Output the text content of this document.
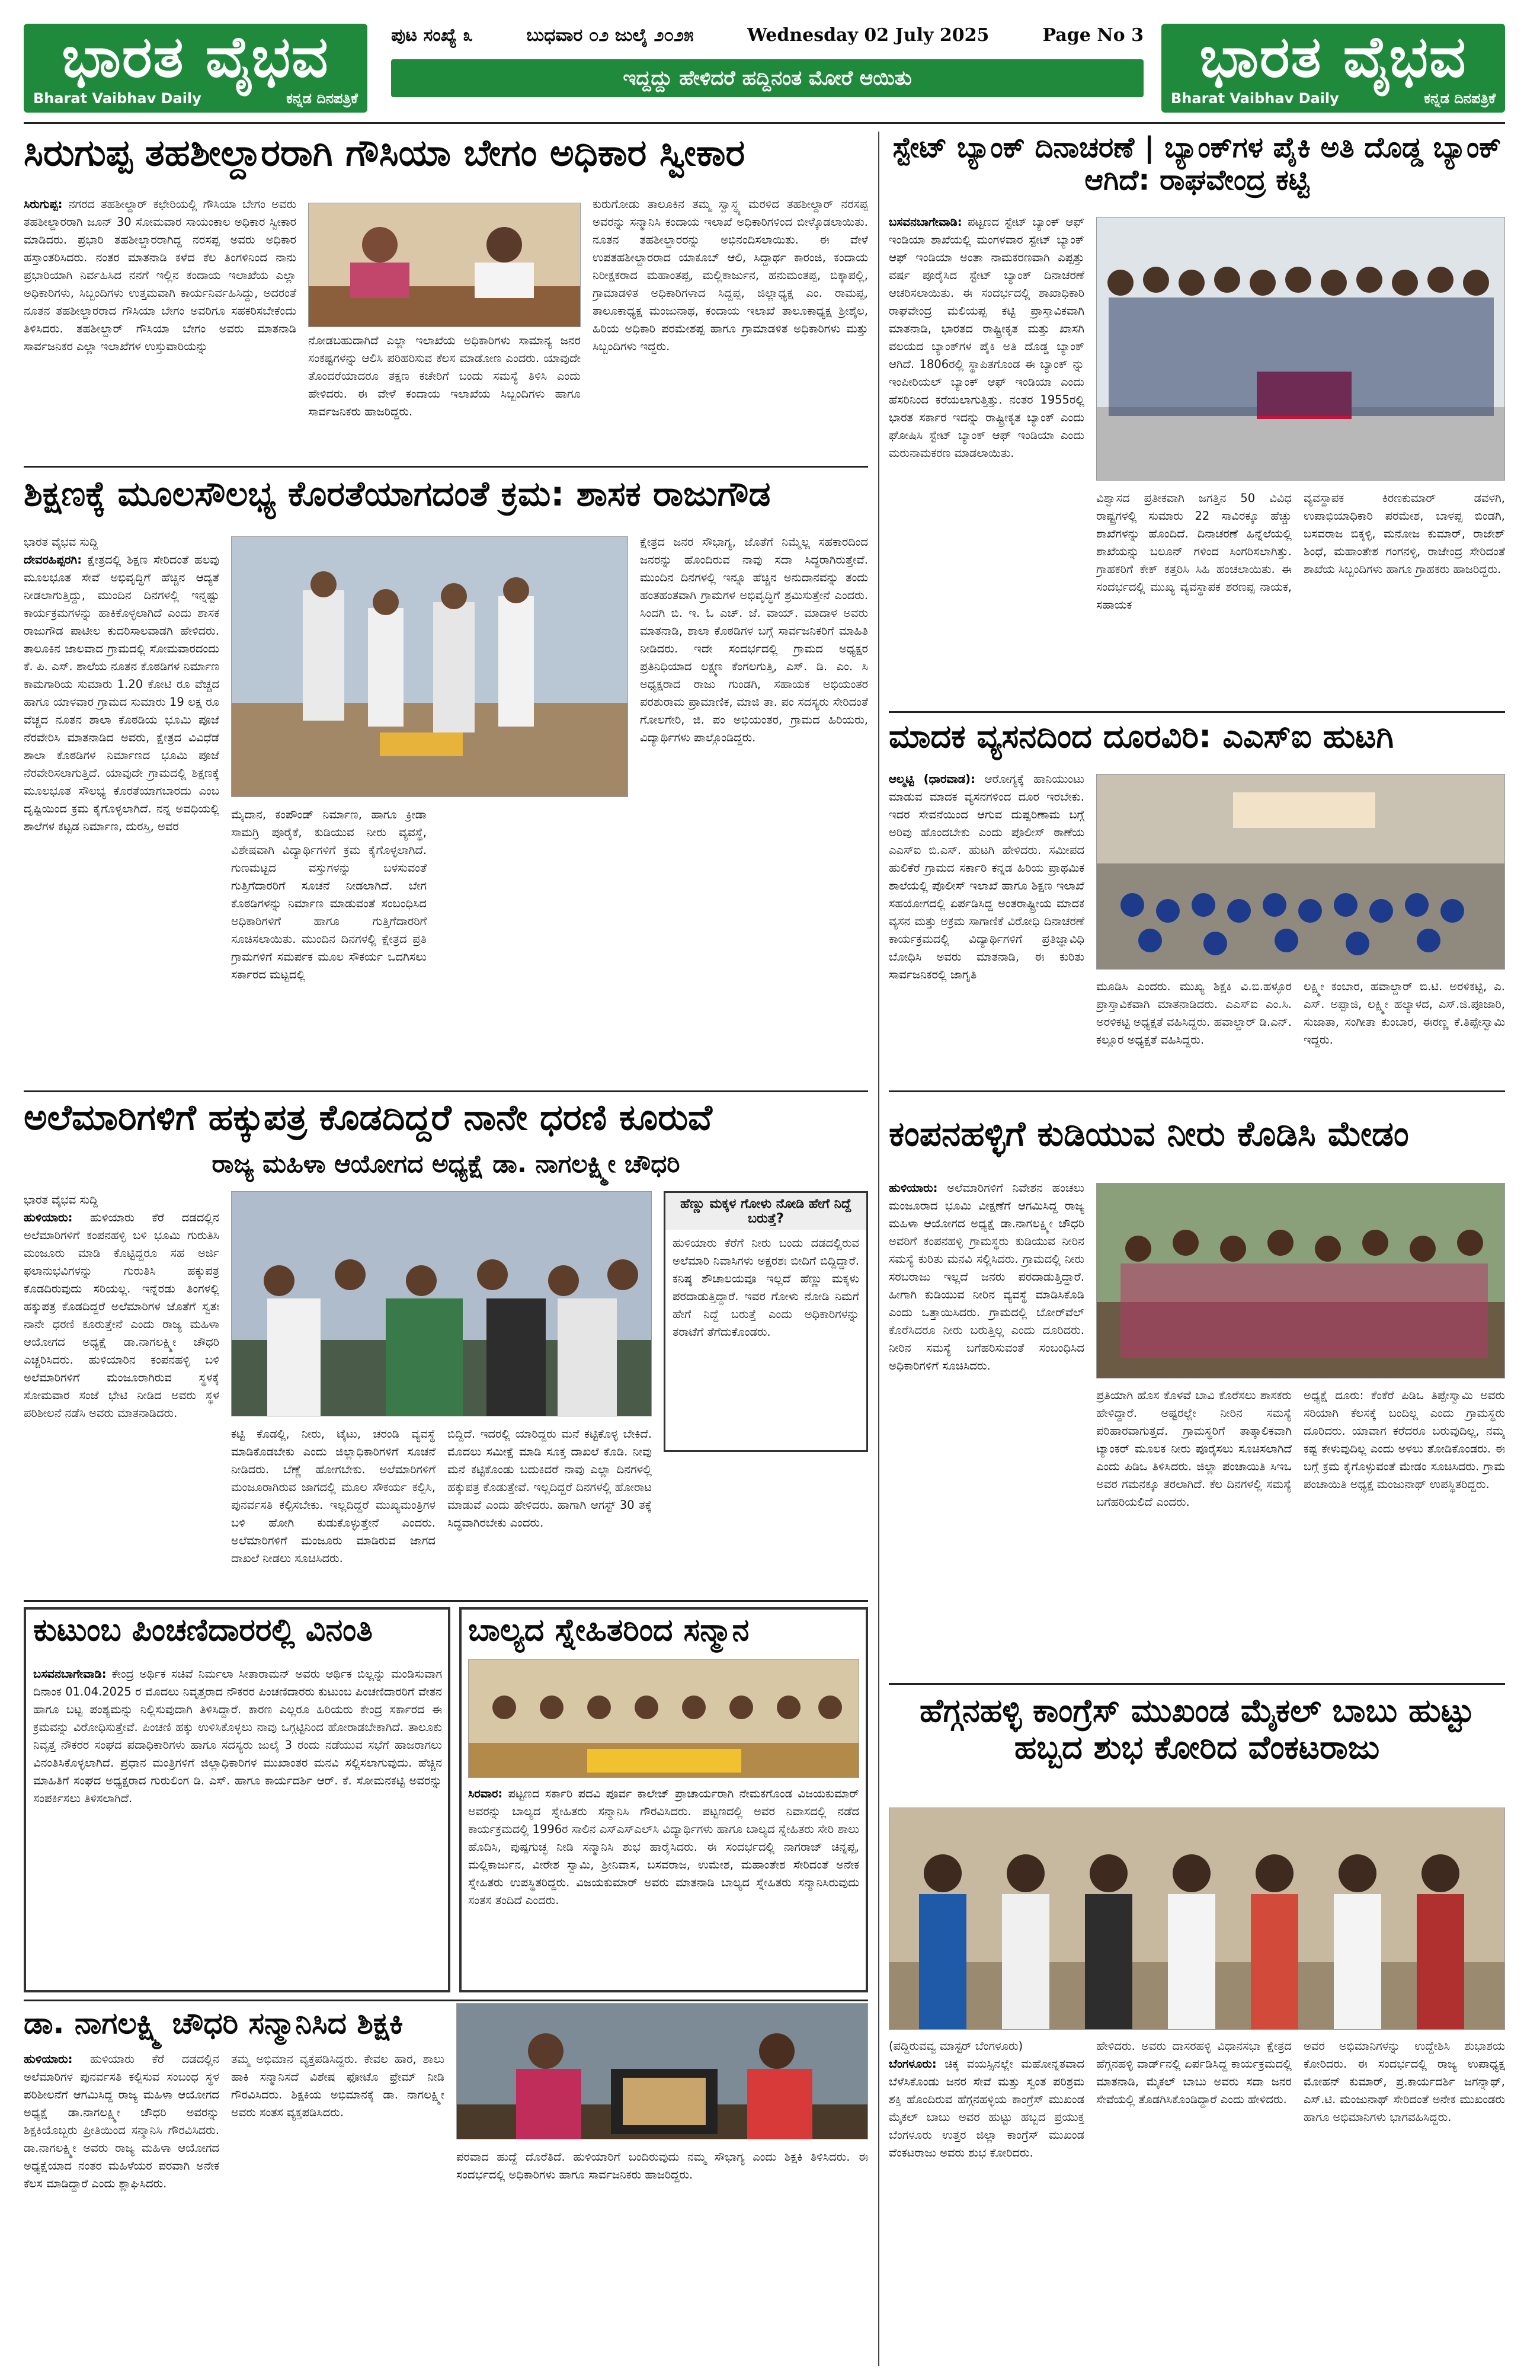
ಭಾರತ ವೈಭವ
Bharat Vaibhav Daily	ಕನ್ನಡ ದಿನಪತ್ರಿಕೆ
ಭಾರತ ವೈಭವ
Bharat Vaibhav Daily	ಕನ್ನಡ ದಿನಪತ್ರಿಕೆ
ಪುಟ ಸಂಖ್ಯೆ ೩	ಬುಧವಾರ ೦೨ ಜುಲೈ ೨೦೨೫	Wednesday 02 July 2025	Page No 3
ಇದ್ದದ್ದು ಹೇಳಿದರೆ ಹದ್ದಿನಂತ ಮೋರೆ ಆಯಿತು
ಸಿರುಗುಪ್ಪ ತಹಶೀಲ್ದಾರರಾಗಿ ಗೌಸಿಯಾ ಬೇಗಂ ಅಧಿಕಾರ ಸ್ವೀಕಾರ
ಸಿರುಗುಪ್ಪ: ನಗರದ ತಹಶೀಲ್ದಾರ್ ಕಛೇರಿಯಲ್ಲಿ ಗೌಸಿಯಾ ಬೇಗಂ ಅವರು ತಹಶೀಲ್ದಾರರಾಗಿ ಜೂನ್ 30 ಸೋಮವಾರ ಸಾಯಂಕಾಲ ಅಧಿಕಾರ ಸ್ವೀಕಾರ ಮಾಡಿದರು. ಪ್ರಭಾರಿ ತಹಶೀಲ್ದಾರರಾಗಿದ್ದ ನರಸಪ್ಪ ಅವರು ಅಧಿಕಾರ ಹಸ್ತಾಂತರಿಸಿದರು. ನಂತರ ಮಾತನಾಡಿ ಕಳೆದ ಕೆಲ ತಿಂಗಳಿನಿಂದ ನಾನು ಪ್ರಭಾರಿಯಾಗಿ ನಿರ್ವಹಿಸಿದ ನನಗೆ ಇಲ್ಲಿನ ಕಂದಾಯ ಇಲಾಖೆಯ ಎಲ್ಲಾ ಅಧಿಕಾರಿಗಳು, ಸಿಬ್ಬಂದಿಗಳು ಉತ್ತಮವಾಗಿ ಕಾರ್ಯನಿರ್ವಹಿಸಿದ್ದು, ಅದರಂತೆ ನೂತನ ತಹಶೀಲ್ದಾರರಾದ ಗೌಸಿಯಾ ಬೇಗಂ ಅವರಿಗೂ ಸಹಕರಿಸಬೇಕೆಂದು ತಿಳಿಸಿದರು. ತಹಶೀಲ್ದಾರ್ ಗೌಸಿಯಾ ಬೇಗಂ ಅವರು ಮಾತನಾಡಿ ಸಾರ್ವಜನಿಕರ ಎಲ್ಲಾ ಇಲಾಖೆಗಳ ಉಸ್ತುವಾರಿಯನ್ನು	ನೋಡಬಹುದಾಗಿದೆ ಎಲ್ಲಾ ಇಲಾಖೆಯ ಅಧಿಕಾರಿಗಳು ಸಾಮಾನ್ಯ ಜನರ ಸಂಕಷ್ಟಗಳನ್ನು ಆಲಿಸಿ ಪರಿಹರಿಸುವ ಕೆಲಸ ಮಾಡೋಣ ಎಂದರು. ಯಾವುದೇ ತೊಂದರೆಯಾದರೂ ತಕ್ಷಣ ಕಚೇರಿಗೆ ಬಂದು ಸಮಸ್ಯೆ ತಿಳಿಸಿ ಎಂದು ಹೇಳಿದರು. ಈ ವೇಳೆ ಕಂದಾಯ ಇಲಾಖೆಯ ಸಿಬ್ಬಂದಿಗಳು ಹಾಗೂ ಸಾರ್ವಜನಿಕರು ಹಾಜರಿದ್ದರು.
ಕುರುಗೋಡು ತಾಲೂಕಿನ ತಮ್ಮ ಸ್ವಾಸ್ಥ್ಯ ಮರಳಿದ ತಹಶೀಲ್ದಾರ್ ನರಸಪ್ಪ ಅವರನ್ನು ಸನ್ಮಾನಿಸಿ ಕಂದಾಯ ಇಲಾಖೆ ಅಧಿಕಾರಿಗಳಿಂದ ಬೀಳ್ಕೊಡಲಾಯಿತು. ನೂತನ ತಹಶೀಲ್ದಾರರನ್ನು ಅಭಿನಂದಿಸಲಾಯಿತು. ಈ ವೇಳೆ ಉಪತಹಶೀಲ್ದಾರರಾದ ಯಾಕೂಬ್ ಆಲಿ, ಸಿದ್ದಾರ್ಥ ಕಾರಂಜಿ, ಕಂದಾಯ ನಿರೀಕ್ಷಕರಾದ ಮಹಾಂತಪ್ಪ, ಮಲ್ಲಿಕಾರ್ಜುನ, ಹನುಮಂತಪ್ಪ, ಬಿಕ್ಕಾಪಲ್ಲಿ, ಗ್ರಾಮಾಡಳಿತ ಅಧಿಕಾರಿಗಳಾದ ಸಿದ್ದಪ್ಪ, ಜಿಲ್ಲಾಧ್ಯಕ್ಷ ಎಂ. ರಾಮಪ್ಪ, ತಾಲೂಕಾಧ್ಯಕ್ಷ ಮಂಜುನಾಥ, ಕಂದಾಯ ಇಲಾಖೆ ತಾಲೂಕಾಧ್ಯಕ್ಷ ಶ್ರೀಶೈಲ, ಹಿರಿಯ ಅಧಿಕಾರಿ ಪರಮೇಶಪ್ಪ ಹಾಗೂ ಗ್ರಾಮಾಡಳಿತ ಅಧಿಕಾರಿಗಳು ಮತ್ತು ಸಿಬ್ಬಂದಿಗಳು ಇದ್ದರು.
ಶಿಕ್ಷಣಕ್ಕೆ ಮೂಲಸೌಲಭ್ಯ ಕೊರತೆಯಾಗದಂತೆ ಕ್ರಮ: ಶಾಸಕ ರಾಜುಗೌಡ
ಭಾರತ ವೈಭವ ಸುದ್ದಿ
ದೇವರಹಿಪ್ಪರಗಿ: ಕ್ಷೇತ್ರದಲ್ಲಿ ಶಿಕ್ಷಣ ಸೇರಿದಂತೆ ಹಲವು ಮೂಲಭೂತ ಸೇವೆ ಅಭಿವೃದ್ಧಿಗೆ ಹೆಚ್ಚಿನ ಆದ್ಯತೆ ನೀಡಲಾಗುತ್ತಿದ್ದು, ಮುಂದಿನ ದಿನಗಳಲ್ಲಿ ಇನ್ನಷ್ಟು ಕಾರ್ಯಕ್ರಮಗಳನ್ನು ಹಾಕಿಕೊಳ್ಳಲಾಗಿದೆ ಎಂದು ಶಾಸಕ ರಾಜುಗೌಡ ಪಾಟೀಲ ಕುದರಿಸಾಲವಾಡಗಿ ಹೇಳಿದರು. ತಾಲೂಕಿನ ಜಾಲವಾದ ಗ್ರಾಮದಲ್ಲಿ ಸೋಮವಾರದಂದು ಕೆ. ಪಿ. ಎಸ್. ಶಾಲೆಯ ನೂತನ ಕೊಠಡಿಗಳ ನಿರ್ಮಾಣ ಕಾಮಗಾರಿಯ ಸುಮಾರು 1.20 ಕೋಟಿ ರೂ ವೆಚ್ಚದ ಹಾಗೂ ಯಾಳವಾರ ಗ್ರಾಮದ ಸುಮಾರು 19 ಲಕ್ಷ ರೂ ವೆಚ್ಚದ ನೂತನ ಶಾಲಾ ಕೊಠಡಿಯ ಭೂಮಿ ಪೂಜೆ ನೆರವೇರಿಸಿ ಮಾತನಾಡಿದ ಅವರು, ಕ್ಷೇತ್ರದ ವಿವಿಧೆಡೆ ಶಾಲಾ ಕೊಠಡಿಗಳ ನಿರ್ಮಾಣದ ಭೂಮಿ ಪೂಜೆ ನೆರವೇರಿಸಲಾಗುತ್ತಿದೆ. ಯಾವುದೇ ಗ್ರಾಮದಲ್ಲಿ ಶಿಕ್ಷಣಕ್ಕೆ ಮೂಲಭೂತ ಸೌಲಭ್ಯ ಕೊರತೆಯಾಗಬಾರದು ಎಂಬ ದೃಷ್ಟಿಯಿಂದ ಕ್ರಮ ಕೈಗೊಳ್ಳಲಾಗಿದೆ. ನನ್ನ ಅವಧಿಯಲ್ಲಿ ಶಾಲೆಗಳ ಕಟ್ಟಡ ನಿರ್ಮಾಣ, ದುರಸ್ತಿ, ಅವರ
ಮೈದಾನ, ಕಂಪೌಂಡ್ ನಿರ್ಮಾಣ, ಹಾಗೂ ಕ್ರೀಡಾ ಸಾಮಗ್ರಿ ಪೂರೈಕೆ, ಕುಡಿಯುವ ನೀರು ವ್ಯವಸ್ಥೆ, ವಿಶೇಷವಾಗಿ ವಿದ್ಯಾರ್ಥಿಗಳಿಗೆ ಕ್ರಮ ಕೈಗೊಳ್ಳಲಾಗಿದೆ. ಗುಣಮಟ್ಟದ ವಸ್ತುಗಳನ್ನು ಬಳಸುವಂತೆ ಗುತ್ತಿಗೆದಾರರಿಗೆ ಸೂಚನೆ ನೀಡಲಾಗಿದೆ. ಬೇಗ ಕೊಠಡಿಗಳನ್ನು ನಿರ್ಮಾಣ ಮಾಡುವಂತೆ ಸಂಬಂಧಿಸಿದ ಅಧಿಕಾರಿಗಳಿಗೆ ಹಾಗೂ ಗುತ್ತಿಗೆದಾರರಿಗೆ ಸೂಚಿಸಲಾಯಿತು. ಮುಂದಿನ ದಿನಗಳಲ್ಲಿ ಕ್ಷೇತ್ರದ ಪ್ರತಿ ಗ್ರಾಮಗಳಿಗೆ ಸಮರ್ಪಕ ಮೂಲ ಸೌಕರ್ಯ ಒದಗಿಸಲು ಸರ್ಕಾರದ ಮಟ್ಟದಲ್ಲಿ
ಕ್ಷೇತ್ರದ ಜನರ ಸೌಭಾಗ್ಯ, ಜೊತೆಗೆ ನಿಮ್ಮೆಲ್ಲ ಸಹಕಾರದಿಂದ ಜನರನ್ನು ಹೊಂದಿರುವ ನಾವು ಸದಾ ಸಿದ್ಧರಾಗಿರುತ್ತೇವೆ. ಮುಂದಿನ ದಿನಗಳಲ್ಲಿ ಇನ್ನೂ ಹೆಚ್ಚಿನ ಅನುದಾನವನ್ನು ತಂದು ಹಂತಹಂತವಾಗಿ ಗ್ರಾಮಗಳ ಅಭಿವೃದ್ಧಿಗೆ ಶ್ರಮಿಸುತ್ತೇನೆ ಎಂದರು. ಸಿಂದಗಿ ಬಿ. ಇ. ಓ ಎಚ್. ಜೆ. ವಾಯ್. ಮಾದಾಳ ಅವರು ಮಾತನಾಡಿ, ಶಾಲಾ ಕೊಠಡಿಗಳ ಬಗ್ಗೆ ಸಾರ್ವಜನಿಕರಿಗೆ ಮಾಹಿತಿ ನೀಡಿದರು. ಇದೇ ಸಂದರ್ಭದಲ್ಲಿ ಗ್ರಾಮದ ಅಧ್ಯಕ್ಷರ ಪ್ರತಿನಿಧಿಯಾದ ಲಕ್ಷ್ಮಣ ಕೆಂಗಲಗುತ್ತಿ, ಎಸ್. ಡಿ. ಎಂ. ಸಿ ಅಧ್ಯಕ್ಷರಾದ ರಾಜು ಗುಂಡಗಿ, ಸಹಾಯಕ ಅಭಿಯಂತರ ಪರಶುರಾಮ ಪ್ರಾಮಾಣಿಕ, ಮಾಜಿ ತಾ. ಪಂ ಸದಸ್ಯರು ಸೇರಿದಂತೆ ಗೋಲಗೇರಿ, ಜಿ. ಪಂ ಅಭಿಯಂತರ, ಗ್ರಾಮದ ಹಿರಿಯರು, ವಿದ್ಯಾರ್ಥಿಗಳು ಪಾಲ್ಗೊಂಡಿದ್ದರು.
ಅಲೆಮಾರಿಗಳಿಗೆ ಹಕ್ಕುಪತ್ರ ಕೊಡದಿದ್ದರೆ ನಾನೇ ಧರಣಿ ಕೂರುವೆ
ರಾಜ್ಯ ಮಹಿಳಾ ಆಯೋಗದ ಅಧ್ಯಕ್ಷೆ ಡಾ. ನಾಗಲಕ್ಷ್ಮೀ ಚೌಧರಿ
ಭಾರತ ವೈಭವ ಸುದ್ದಿ
ಹುಳಿಯಾರು: ಹುಳಿಯಾರು ಕೆರೆ ದಡದಲ್ಲಿನ ಅಲೆಮಾರಿಗಳಿಗೆ ಕಂಪನಹಳ್ಳಿ ಬಳಿ ಭೂಮಿ ಗುರುತಿಸಿ ಮಂಜೂರು ಮಾಡಿ ಕೊಟ್ಟಿದ್ದರೂ ಸಹ ಅರ್ಜಿ ಫಲಾನುಭವಿಗಳನ್ನು ಗುರುತಿಸಿ ಹಕ್ಕುಪತ್ರ ಕೊಡದಿರುವುದು ಸರಿಯಲ್ಲ. ಇನ್ನೆರಡು ತಿಂಗಳಲ್ಲಿ ಹಕ್ಕುಪತ್ರ ಕೊಡದಿದ್ದರೆ ಅಲೆಮಾರಿಗಳ ಜೊತೆಗೆ ಸ್ವತಃ ನಾನೇ ಧರಣಿ ಕೂರುತ್ತೇನೆ ಎಂದು ರಾಜ್ಯ ಮಹಿಳಾ ಆಯೋಗದ ಅಧ್ಯಕ್ಷೆ ಡಾ.ನಾಗಲಕ್ಷ್ಮೀ ಚೌಧರಿ ಎಚ್ಚರಿಸಿದರು. ಹುಳಿಯಾರಿನ ಕಂಪನಹಳ್ಳಿ ಬಳಿ ಅಲೆಮಾರಿಗಳಿಗೆ ಮಂಜೂರಾಗಿರುವ ಸ್ಥಳಕ್ಕೆ ಸೋಮವಾರ ಸಂಜೆ ಭೇಟಿ ನೀಡಿದ ಅವರು ಸ್ಥಳ ಪರಿಶೀಲನೆ ನಡೆಸಿ ಅವರು ಮಾತನಾಡಿದರು.
ಹೆಣ್ಣು ಮಕ್ಕಳ ಗೋಳು ನೋಡಿ ಹೇಗೆ ನಿದ್ದೆ ಬರುತ್ತೆ?
ಹುಳಿಯಾರು ಕೆರೆಗೆ ನೀರು ಬಂದು ದಡದಲ್ಲಿರುವ ಅಲೆಮಾರಿ ನಿವಾಸಿಗಳು ಅಕ್ಷರಶಃ ಬೀದಿಗೆ ಬಿದ್ದಿದ್ದಾರೆ. ಕನಿಷ್ಠ ಶೌಚಾಲಯವೂ ಇಲ್ಲದೆ ಹೆಣ್ಣು ಮಕ್ಕಳು ಪರದಾಡುತ್ತಿದ್ದಾರೆ. ಇವರ ಗೋಳು ನೋಡಿ ನಿಮಗೆ ಹೇಗೆ ನಿದ್ದೆ ಬರುತ್ತೆ ಎಂದು ಅಧಿಕಾರಿಗಳನ್ನು ತರಾಟೆಗೆ ತೆಗೆದುಕೊಂಡರು.
ಕಟ್ಟಿ ಕೊಡಲ್ಲಿ, ನೀರು, ಟೈಟು, ಚರಂಡಿ ವ್ಯವಸ್ಥೆ ಮಾಡಿಕೊಡಬೇಕು ಎಂದು ಜಿಲ್ಲಾಧಿಕಾರಿಗಳಿಗೆ ಸೂಚನೆ ನೀಡಿದರು. ಬೆಣ್ಣೆ ಹೋಗಬೇಕು. ಅಲೆಮಾರಿಗಳಿಗೆ ಮಂಜೂರಾಗಿರುವ ಜಾಗದಲ್ಲಿ ಮೂಲ ಸೌಕರ್ಯ ಕಲ್ಪಿಸಿ, ಪುನರ್ವಸತಿ ಕಲ್ಪಿಸಬೇಕು. ಇಲ್ಲದಿದ್ದರೆ ಮುಖ್ಯಮಂತ್ರಿಗಳ ಬಳಿ ಹೋಗಿ ಕುಡುಕೊಳ್ಳುತ್ತೇನೆ ಎಂದರು. ಅಲೆಮಾರಿಗಳಿಗೆ ಮಂಜೂರು ಮಾಡಿರುವ ಜಾಗದ ದಾಖಲೆ ನೀಡಲು ಸೂಚಿಸಿದರು.
ಬಿದ್ದಿದೆ. ಇದರಲ್ಲಿ ಯಾರಿದ್ದರು ಮನೆ ಕಟ್ಟಿಕೊಳ್ಳ ಬೇಕಿದೆ. ಮೊದಲು ಸಮೀಕ್ಷೆ ಮಾಡಿ ಸೂಕ್ತ ದಾಖಲೆ ಕೊಡಿ. ನೀವು ಮನೆ ಕಟ್ಟಿಕೊಂಡು ಬದುಕಿದರೆ ನಾವು ಎಲ್ಲಾ ದಿನಗಳಲ್ಲಿ ಹಕ್ಕುಪತ್ರ ಕೊಡುತ್ತೇವೆ. ಇಲ್ಲದಿದ್ದರೆ ದಿನಗಳಲ್ಲಿ ಹೋರಾಟ ಮಾಡುವೆ ಎಂದು ಹೇಳಿದರು. ಹಾಗಾಗಿ ಆಗಸ್ಟ್ 30 ತಕ್ಕೆ ಸಿದ್ಧವಾಗಿರಬೇಕು ಎಂದರು.
ಕುಟುಂಬ ಪಿಂಚಣಿದಾರರಲ್ಲಿ ವಿನಂತಿ
ಬಸವನಬಾಗೇವಾಡಿ: ಕೇಂದ್ರ ಅರ್ಥಿಕ ಸಚಿವೆ ನಿರ್ಮಲಾ ಸೀತಾರಾಮನ್ ಅವರು ಆರ್ಥಿಕ ಬಿಲ್ಲನ್ನು ಮಂಡಿಸುವಾಗ ದಿನಾಂಕ 01.04.2025 ರ ಮೊದಲು ನಿವೃತ್ತರಾದ ನೌಕರರ ಪಿಂಚಣಿದಾರರು ಕುಟುಂಬ ಪಿಂಚಣಿದಾರರಿಗೆ ವೇತನ ಹಾಗೂ ಬಟ್ಟ ಪಂಶ್ಯಮನ್ನು ನಿಲ್ಲಿಸುವುದಾಗಿ ತಿಳಿಸಿದ್ದಾರೆ. ಕಾರಣ ಎಲ್ಲರೂ ಹಿರಿಯರು ಕೇಂದ್ರ ಸರ್ಕಾರದ ಈ ಕ್ರಮವನ್ನು ವಿರೋಧಿಸುತ್ತೇವೆ. ಪಿಂಚಣಿ ಹಕ್ಕು ಉಳಿಸಿಕೊಳ್ಳಲು ನಾವು ಒಗ್ಗಟ್ಟಿನಿಂದ ಹೋರಾಡಬೇಕಾಗಿದೆ. ತಾಲೂಕು ನಿವೃತ್ತ ನೌಕರರ ಸಂಘದ ಪದಾಧಿಕಾರಿಗಳು ಹಾಗೂ ಸದಸ್ಯರು ಜುಲೈ 3 ರಂದು ನಡೆಯುವ ಸಭೆಗೆ ಹಾಜರಾಗಲು ವಿನಂತಿಸಿಕೊಳ್ಳಲಾಗಿದೆ. ಪ್ರಧಾನ ಮಂತ್ರಿಗಳಿಗೆ ಜಿಲ್ಲಾಧಿಕಾರಿಗಳ ಮುಖಾಂತರ ಮನವಿ ಸಲ್ಲಿಸಲಾಗುವುದು. ಹೆಚ್ಚಿನ ಮಾಹಿತಿಗೆ ಸಂಘದ ಅಧ್ಯಕ್ಷರಾದ ಗುರುಲಿಂಗ ಡಿ. ಎಸ್. ಹಾಗೂ ಕಾರ್ಯದರ್ಶಿ ಆರ್. ಕೆ. ಸೋಮನಕಟ್ಟಿ ಅವರನ್ನು ಸಂಪರ್ಕಿಸಲು ತಿಳಿಸಲಾಗಿದೆ.
ಬಾಲ್ಯದ ಸ್ನೇಹಿತರಿಂದ ಸನ್ಮಾನ
ಸಿರವಾರ: ಪಟ್ಟಣದ ಸರ್ಕಾರಿ ಪದವಿ ಪೂರ್ವ ಕಾಲೇಜ್ ಪ್ರಾಚಾರ್ಯರಾಗಿ ನೇಮಕಗೊಂಡ ವಿಜಯಕುಮಾರ್ ಅವರನ್ನು ಬಾಲ್ಯದ ಸ್ನೇಹಿತರು ಸನ್ಮಾನಿಸಿ ಗೌರವಿಸಿದರು. ಪಟ್ಟಣದಲ್ಲಿ ಅವರ ನಿವಾಸದಲ್ಲಿ ನಡೆದ ಕಾರ್ಯಕ್ರಮದಲ್ಲಿ 1996ರ ಸಾಲಿನ ಎಸ್ಎಸ್ಎಲ್‌ಸಿ ವಿದ್ಯಾರ್ಥಿಗಳು ಹಾಗೂ ಬಾಲ್ಯದ ಸ್ನೇಹಿತರು ಸೇರಿ ಶಾಲು ಹೊದಿಸಿ, ಪುಷ್ಪಗುಚ್ಛ ನೀಡಿ ಸನ್ಮಾನಿಸಿ ಶುಭ ಹಾರೈಸಿದರು. ಈ ಸಂದರ್ಭದಲ್ಲಿ ನಾಗರಾಜ್ ಚಿನ್ನಪ್ಪ, ಮಲ್ಲಿಕಾರ್ಜುನ, ವೀರೇಶ ಸ್ವಾಮಿ, ಶ್ರೀನಿವಾಸ, ಬಸವರಾಜ, ಉಮೇಶ, ಮಹಾಂತೇಶ ಸೇರಿದಂತೆ ಅನೇಕ ಸ್ನೇಹಿತರು ಉಪಸ್ಥಿತರಿದ್ದರು. ವಿಜಯಕುಮಾರ್ ಅವರು ಮಾತನಾಡಿ ಬಾಲ್ಯದ ಸ್ನೇಹಿತರು ಸನ್ಮಾನಿಸಿರುವುದು ಸಂತಸ ತಂದಿದೆ ಎಂದರು.
ಡಾ. ನಾಗಲಕ್ಷ್ಮಿ ಚೌಧರಿ ಸನ್ಮಾನಿಸಿದ ಶಿಕ್ಷಕಿ
ಹುಳಿಯಾರು: ಹುಳಿಯಾರು ಕೆರೆ ದಡದಲ್ಲಿನ ಅಲೆಮಾರಿಗಳ ಪುನರ್ವಸತಿ ಕಲ್ಪಿಸುವ ಸಂಬಂಧ ಸ್ಥಳ ಪರಿಶೀಲನೆಗೆ ಆಗಮಿಸಿದ್ದ ರಾಜ್ಯ ಮಹಿಳಾ ಆಯೋಗದ ಅಧ್ಯಕ್ಷೆ ಡಾ.ನಾಗಲಕ್ಷ್ಮೀ ಚೌಧರಿ ಅವರನ್ನು ಶಿಕ್ಷಕಿಯೊಬ್ಬರು ಪ್ರೀತಿಯಿಂದ ಸನ್ಮಾನಿಸಿ ಗೌರವಿಸಿದರು. ಡಾ.ನಾಗಲಕ್ಷ್ಮೀ ಅವರು ರಾಜ್ಯ ಮಹಿಳಾ ಆಯೋಗದ ಅಧ್ಯಕ್ಷೆಯಾದ ನಂತರ ಮಹಿಳೆಯರ ಪರವಾಗಿ ಅನೇಕ ಕೆಲಸ ಮಾಡಿದ್ದಾರೆ ಎಂದು ಶ್ಲಾಘಿಸಿದರು.
ತಮ್ಮ ಅಭಿಮಾನ ವ್ಯಕ್ತಪಡಿಸಿದ್ದರು. ಕೇವಲ ಹಾರ, ಶಾಲು ಹಾಕಿ ಸನ್ಮಾನಿಸದೆ ವಿಶೇಷ ಫೋಟೊ ಫ್ರೇಮ್ ನೀಡಿ ಗೌರವಿಸಿದರು. ಶಿಕ್ಷಕಿಯ ಅಭಿಮಾನಕ್ಕೆ ಡಾ. ನಾಗಲಕ್ಷ್ಮೀ ಅವರು ಸಂತಸ ವ್ಯಕ್ತಪಡಿಸಿದರು.
ಪರವಾದ ಹುದ್ದೆ ದೊರೆತಿದೆ. ಹುಳಿಯಾರಿಗೆ ಬಂದಿರುವುದು ನಮ್ಮ ಸೌಭಾಗ್ಯ ಎಂದು ಶಿಕ್ಷಕಿ ತಿಳಿಸಿದರು. ಈ ಸಂದರ್ಭದಲ್ಲಿ ಅಧಿಕಾರಿಗಳು ಹಾಗೂ ಸಾರ್ವಜನಿಕರು ಹಾಜರಿದ್ದರು.
ಸ್ಟೇಟ್ ಬ್ಯಾಂಕ್ ದಿನಾಚರಣೆ | ಬ್ಯಾಂಕ್‌ಗಳ ಪೈಕಿ ಅತಿ ದೊಡ್ಡ ಬ್ಯಾಂಕ್ ಆಗಿದೆ: ರಾಘವೇಂದ್ರ ಕಟ್ಟಿ
ಬಸವನಬಾಗೇವಾಡಿ: ಪಟ್ಟಣದ ಸ್ಟೇಟ್ ಬ್ಯಾಂಕ್ ಆಫ್ ಇಂಡಿಯಾ ಶಾಖೆಯಲ್ಲಿ ಮಂಗಳವಾರ ಸ್ಟೇಟ್ ಬ್ಯಾಂಕ್ ಆಫ್ ಇಂಡಿಯಾ ಅಂತಾ ನಾಮಕರಣವಾಗಿ ಎಪ್ಪತ್ತು ವರ್ಷ ಪೂರೈಸಿದ ಸ್ಟೇಟ್ ಬ್ಯಾಂಕ್ ದಿನಾಚರಣೆ ಆಚರಿಸಲಾಯಿತು. ಈ ಸಂದರ್ಭದಲ್ಲಿ ಶಾಖಾಧಿಕಾರಿ ರಾಘವೇಂದ್ರ ಮಲಿಯಪ್ಪ ಕಟ್ಟಿ ಪ್ರಾಸ್ತಾವಿಕವಾಗಿ ಮಾತನಾಡಿ, ಭಾರತದ ರಾಷ್ಟ್ರೀಕೃತ ಮತ್ತು ಖಾಸಗಿ ವಲಯದ ಬ್ಯಾಂಕ್‌ಗಳ ಪೈಕಿ ಅತಿ ದೊಡ್ಡ ಬ್ಯಾಂಕ್ ಆಗಿದೆ. 1806ರಲ್ಲಿ ಸ್ಥಾಪಿತಗೊಂಡ ಈ ಬ್ಯಾಂಕ್ ನ್ನು ಇಂಪೀರಿಯಲ್ ಬ್ಯಾಂಕ್ ಆಫ್ ಇಂಡಿಯಾ ಎಂದು ಹೆಸರಿನಿಂದ ಕರೆಯಲಾಗುತ್ತಿತ್ತು. ನಂತರ 1955ರಲ್ಲಿ ಭಾರತ ಸರ್ಕಾರ ಇದನ್ನು ರಾಷ್ಟ್ರೀಕೃತ ಬ್ಯಾಂಕ್ ಎಂದು ಘೋಷಿಸಿ ಸ್ಟೇಟ್ ಬ್ಯಾಂಕ್ ಆಫ್ ಇಂಡಿಯಾ ಎಂದು ಮರುನಾಮಕರಣ ಮಾಡಲಾಯಿತು.
ವಿಶ್ವಾಸದ ಪ್ರತೀಕವಾಗಿ ಜಗತ್ತಿನ 50 ವಿವಿಧ ರಾಷ್ಟ್ರಗಳಲ್ಲಿ ಸುಮಾರು 22 ಸಾವಿರಕ್ಕೂ ಹೆಚ್ಚು ಶಾಖೆಗಳನ್ನು ಹೊಂದಿದೆ. ದಿನಾಚರಣೆ ಹಿನ್ನೆಲೆಯಲ್ಲಿ ಶಾಖೆಯನ್ನು ಬಲೂನ್ ಗಳಿಂದ ಸಿಂಗರಿಸಲಾಗಿತ್ತು. ಗ್ರಾಹಕರಿಗೆ ಕೇಕ್ ಕತ್ತರಿಸಿ ಸಿಹಿ ಹಂಚಲಾಯಿತು. ಈ ಸಂದರ್ಭದಲ್ಲಿ ಮುಖ್ಯ ವ್ಯವಸ್ಥಾಪಕ ಶರಣಪ್ಪ ನಾಯಕ, ಸಹಾಯಕ
ವ್ಯವಸ್ಥಾಪಕ ಕಿರಣಕುಮಾರ್ ಡವಳಗಿ, ಉಪಾಭಿಯಾಧಿಕಾರಿ ಪರಮೇಶ, ಬಾಳಪ್ಪ ಬಿಂಡಗಿ, ಬಸವರಾಜ ಬಿಕ್ಕಳ್ಳಿ, ಮನೋಜ ಕುಮಾರ್, ರಾಜೇಶ್ ಶಿಂಧೆ, ಮಹಾಂತೇಶ ಗಂಗನಳ್ಳಿ, ರಾಜೇಂದ್ರ ಸೇರಿದಂತೆ ಶಾಖೆಯ ಸಿಬ್ಬಂದಿಗಳು ಹಾಗೂ ಗ್ರಾಹಕರು ಹಾಜರಿದ್ದರು.
ಮಾದಕ ವ್ಯಸನದಿಂದ ದೂರವಿರಿ: ಎಎಸ್ಐ ಹುಟಗಿ
ಆಲ್ಮಟ್ಟಿ (ಧಾರವಾಡ): ಆರೋಗ್ಯಕ್ಕೆ ಹಾನಿಯುಂಟು ಮಾಡುವ ಮಾದಕ ವ್ಯಸನಗಳಿಂದ ದೂರ ಇರಬೇಕು. ಇದರ ಸೇವನೆಯಿಂದ ಆಗುವ ದುಷ್ಪರಿಣಾಮ ಬಗ್ಗೆ ಅರಿವು ಹೊಂದಬೇಕು ಎಂದು ಪೊಲೀಸ್ ಠಾಣೆಯ ಎಎಸ್ಐ ಬಿ.ಎಸ್. ಹುಟಗಿ ಹೇಳಿದರು. ಸಮೀಪದ ಹುಲಿಕೆರೆ ಗ್ರಾಮದ ಸರ್ಕಾರಿ ಕನ್ನಡ ಹಿರಿಯ ಪ್ರಾಥಮಿಕ ಶಾಲೆಯಲ್ಲಿ ಪೊಲೀಸ್ ಇಲಾಖೆ ಹಾಗೂ ಶಿಕ್ಷಣ ಇಲಾಖೆ ಸಹಯೋಗದಲ್ಲಿ ಏರ್ಪಡಿಸಿದ್ದ ಅಂತರಾಷ್ಟ್ರೀಯ ಮಾದಕ ವ್ಯಸನ ಮತ್ತು ಅಕ್ರಮ ಸಾಗಾಣಿಕೆ ವಿರೋಧಿ ದಿನಾಚರಣೆ ಕಾರ್ಯಕ್ರಮದಲ್ಲಿ ವಿದ್ಯಾರ್ಥಿಗಳಿಗೆ ಪ್ರತಿಜ್ಞಾವಿಧಿ ಬೋಧಿಸಿ ಅವರು ಮಾತನಾಡಿ, ಈ ಕುರಿತು ಸಾರ್ವಜನಿಕರಲ್ಲಿ ಜಾಗೃತಿ
ಮೂಡಿಸಿ ಎಂದರು. ಮುಖ್ಯ ಶಿಕ್ಷಕಿ ವಿ.ಬಿ.ಹಳ್ಳೂರ ಪ್ರಾಸ್ತಾವಿಕವಾಗಿ ಮಾತನಾಡಿದರು. ಎಎಸ್ಐ ಎಂ.ಸಿ. ಅರಳಿಕಟ್ಟಿ ಅಧ್ಯಕ್ಷತೆ ವಹಿಸಿದ್ದರು. ಹವಾಲ್ದಾರ್ ಡಿ.ಎನ್. ಕಲ್ಲೂರ ಅಧ್ಯಕ್ಷತೆ ವಹಿಸಿದ್ದರು.
ಲಕ್ಷ್ಮೀ ಕಂಬಾರ, ಹವಾಲ್ದಾರ್ ಬಿ.ಟಿ. ಅರಳಿಕಟ್ಟಿ, ಎ. ಎಸ್. ಅಪ್ಪಾಜಿ, ಲಕ್ಷ್ಮೀ ಹಲ್ಯಾಳದ, ಎಸ್.ಜಿ.ಪೂಜಾರಿ, ಸುಜಾತಾ, ಸಂಗೀತಾ ಕುಂಬಾರ, ಈರಣ್ಣ ಕೆ.ತಿಪ್ಪೇಸ್ವಾಮಿ ಇದ್ದರು.
ಕಂಪನಹಳ್ಳಿಗೆ ಕುಡಿಯುವ ನೀರು ಕೊಡಿಸಿ ಮೇಡಂ
ಹುಳಿಯಾರು: ಅಲೆಮಾರಿಗಳಿಗೆ ನಿವೇಶನ ಹಂಚಲು ಮಂಜೂರಾದ ಭೂಮಿ ವೀಕ್ಷಣೆಗೆ ಆಗಮಿಸಿದ್ದ ರಾಜ್ಯ ಮಹಿಳಾ ಆಯೋಗದ ಅಧ್ಯಕ್ಷೆ ಡಾ.ನಾಗಲಕ್ಷ್ಮೀ ಚೌಧರಿ ಅವರಿಗೆ ಕಂಪನಹಳ್ಳಿ ಗ್ರಾಮಸ್ಥರು ಕುಡಿಯುವ ನೀರಿನ ಸಮಸ್ಯೆ ಕುರಿತು ಮನವಿ ಸಲ್ಲಿಸಿದರು. ಗ್ರಾಮದಲ್ಲಿ ನೀರು ಸರಬರಾಜು ಇಲ್ಲದೆ ಜನರು ಪರದಾಡುತ್ತಿದ್ದಾರೆ. ಹೀಗಾಗಿ ಕುಡಿಯುವ ನೀರಿನ ವ್ಯವಸ್ಥೆ ಮಾಡಿಸಿಕೊಡಿ ಎಂದು ಒತ್ತಾಯಿಸಿದರು. ಗ್ರಾಮದಲ್ಲಿ ಬೋರ್‌ವೆಲ್ ಕೊರೆಸಿದರೂ ನೀರು ಬರುತ್ತಿಲ್ಲ ಎಂದು ದೂರಿದರು. ನೀರಿನ ಸಮಸ್ಯೆ ಬಗೆಹರಿಸುವಂತೆ ಸಂಬಂಧಿಸಿದ ಅಧಿಕಾರಿಗಳಿಗೆ ಸೂಚಿಸಿದರು.
ಪ್ರತಿಯಾಗಿ ಹೊಸ ಕೊಳವೆ ಬಾವಿ ಕೊರೆಸಲು ಶಾಸಕರು ಹೇಳಿದ್ದಾರೆ. ಅಷ್ಟರಲ್ಲೇ ನೀರಿನ ಸಮಸ್ಯೆ ಪರಿಹಾರವಾಗುತ್ತದೆ. ಗ್ರಾಮಸ್ಥರಿಗೆ ತಾತ್ಕಾಲಿಕವಾಗಿ ಟ್ಯಾಂಕರ್ ಮೂಲಕ ನೀರು ಪೂರೈಸಲು ಸೂಚಿಸಲಾಗಿದೆ ಎಂದು ಪಿಡಿಒ ತಿಳಿಸಿದರು. ಜಿಲ್ಲಾ ಪಂಚಾಯಿತಿ ಸಿಇಒ ಅವರ ಗಮನಕ್ಕೂ ತರಲಾಗಿದೆ. ಕೆಲ ದಿನಗಳಲ್ಲಿ ಸಮಸ್ಯೆ ಬಗೆಹರಿಯಲಿದೆ ಎಂದರು.
ಅಧ್ಯಕ್ಷೆ ದೂರು: ಕೆಂಕೆರೆ ಪಿಡಿಒ ತಿಪ್ಪೇಸ್ವಾಮಿ ಅವರು ಸರಿಯಾಗಿ ಕೆಲಸಕ್ಕೆ ಬಂದಿಲ್ಲ ಎಂದು ಗ್ರಾಮಸ್ಥರು ದೂರಿದರು. ಯಾವಾಗ ಕರೆದರೂ ಬರುವುದಿಲ್ಲ, ನಮ್ಮ ಕಷ್ಟ ಕೇಳುವುದಿಲ್ಲ ಎಂದು ಅಳಲು ತೋಡಿಕೊಂಡರು. ಈ ಬಗ್ಗೆ ಕ್ರಮ ಕೈಗೊಳ್ಳುವಂತೆ ಮೇಡಂ ಸೂಚಿಸಿದರು. ಗ್ರಾಮ ಪಂಚಾಯಿತಿ ಅಧ್ಯಕ್ಷ ಮಂಜುನಾಥ್ ಉಪಸ್ಥಿತರಿದ್ದರು.
ಹೆಗ್ಗನಹಳ್ಳಿ ಕಾಂಗ್ರೆಸ್ ಮುಖಂಡ ಮೈಕಲ್ ಬಾಬು ಹುಟ್ಟು ಹಬ್ಬದ ಶುಭ ಕೋರಿದ ವೆಂಕಟರಾಜು
(ಪದ್ದಿರುವವ್ವ ಮಾಸ್ಟರ್ ಬೆಂಗಳೂರು)
ಬೆಂಗಳೂರು: ಚಿಕ್ಕ ವಯಸ್ಸಿನಲ್ಲೇ ಮಹೋನ್ನತವಾದ ಬೆಳೆಸಿಕೊಂಡು ಜನರ ಸೇವೆ ಮತ್ತು ಸ್ವಂತ ಪರಿಶ್ರಮ ಶಕ್ತಿ ಹೊಂದಿರುವ ಹೆಗ್ಗನಹಳ್ಳಿಯ ಕಾಂಗ್ರೆಸ್ ಮುಖಂಡ ಮೈಕಲ್ ಬಾಬು ಅವರ ಹುಟ್ಟು ಹಬ್ಬದ ಪ್ರಯುಕ್ತ ಬೆಂಗಳೂರು ಉತ್ತರ ಜಿಲ್ಲಾ ಕಾಂಗ್ರೆಸ್ ಮುಖಂಡ ವೆಂಕಟರಾಜು ಅವರು ಶುಭ ಕೋರಿದರು.
ಹೇಳಿದರು. ಅವರು ದಾಸರಹಳ್ಳಿ ವಿಧಾನಸಭಾ ಕ್ಷೇತ್ರದ ಹೆಗ್ಗನಹಳ್ಳಿ ವಾರ್ಡ್‌ನಲ್ಲಿ ಏರ್ಪಡಿಸಿದ್ದ ಕಾರ್ಯಕ್ರಮದಲ್ಲಿ ಮಾತನಾಡಿ, ಮೈಕಲ್ ಬಾಬು ಅವರು ಸದಾ ಜನರ ಸೇವೆಯಲ್ಲಿ ತೊಡಗಿಸಿಕೊಂಡಿದ್ದಾರೆ ಎಂದು ಹೇಳಿದರು.
ಅವರ ಅಭಿಮಾನಿಗಳನ್ನು ಉದ್ದೇಶಿಸಿ ಶುಭಾಶಯ ಕೋರಿದರು. ಈ ಸಂದರ್ಭದಲ್ಲಿ ರಾಜ್ಯ ಉಪಾಧ್ಯಕ್ಷ ಮೋಹನ್ ಕುಮಾರ್, ಪ್ರ.ಕಾರ್ಯದರ್ಶಿ ಜಗನ್ನಾಥ್, ಎಸ್.ಟಿ. ಮಂಜುನಾಥ್ ಸೇರಿದಂತೆ ಅನೇಕ ಮುಖಂಡರು ಹಾಗೂ ಅಭಿಮಾನಿಗಳು ಭಾಗವಹಿಸಿದ್ದರು.
